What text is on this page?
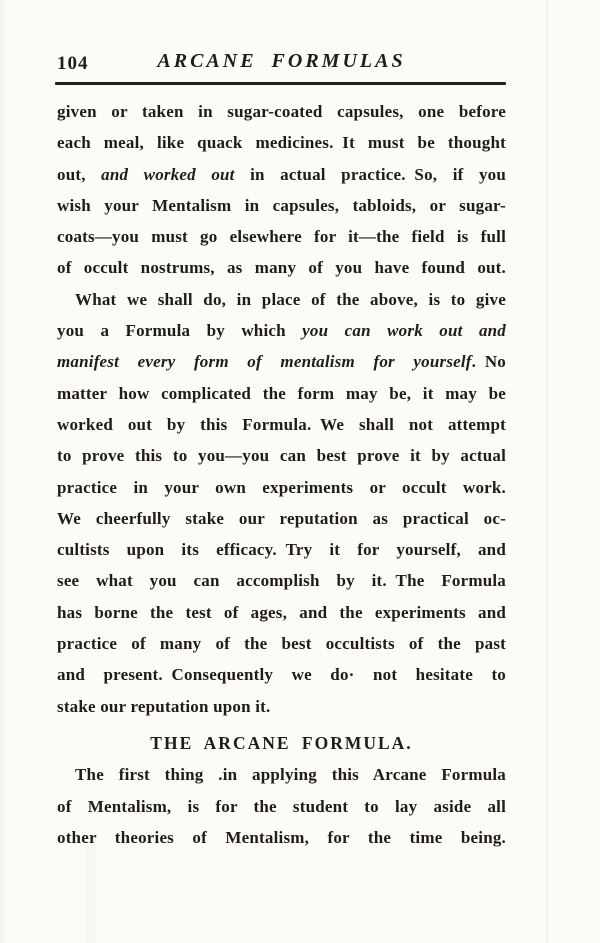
104	ARCANE FORMULAS
given or taken in sugar-coated capsules, one before
each meal, like quack medicines. It must be thought
out, and worked out in actual practice. So, if you
wish your Mentalism in capsules, tabloids, or sugar-
coats—you must go elsewhere for it—the field is full
of occult nostrums, as many of you have found out.
What we shall do, in place of the above, is to give
you a Formula by which you can work out and
manifest every form of mentalism for yourself. No
matter how complicated the form may be, it may be
worked out by this Formula. We shall not attempt
to prove this to you—you can best prove it by actual
practice in your own experiments or occult work.
We cheerfully stake our reputation as practical oc-
cultists upon its efficacy. Try it for yourself, and
see what you can accomplish by it. The Formula
has borne the test of ages, and the experiments and
practice of many of the best occultists of the past
and present. Consequently we do· not hesitate to
stake our reputation upon it.
THE ARCANE FORMULA.
The first thing .in applying this Arcane Formula
of Mentalism, is for the student to lay aside all
other theories of Mentalism, for the time being.
